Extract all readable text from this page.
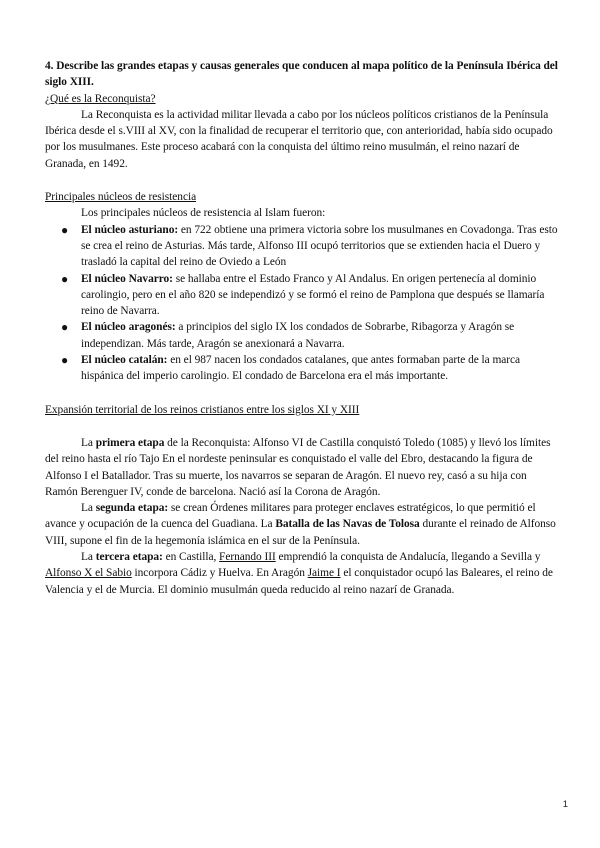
4. Describe las grandes etapas y causas generales que conducen al mapa político de la Península Ibérica del siglo XIII.

¿Qué es la Reconquista?

La Reconquista es la actividad militar llevada a cabo por los núcleos políticos cristianos de la Península Ibérica desde el s.VIII al XV, con la finalidad de recuperar el territorio que, con anterioridad, había sido ocupado por los musulmanes. Este proceso acabará con la conquista del último reino musulmán, el reino nazarí de Granada, en 1492.

Principales núcleos de resistencia

Los principales núcleos de resistencia al Islam fueron:

● El núcleo asturiano: en 722 obtiene una primera victoria sobre los musulmanes en Covadonga. Tras esto se crea el reino de Asturias. Más tarde, Alfonso III ocupó territorios que se extienden hacia el Duero y trasladó la capital del reino de Oviedo a León
● El núcleo Navarro: se hallaba entre el Estado Franco y Al Andalus. En origen pertenecía al dominio carolingio, pero en el año 820 se independizó y se formó el reino de Pamplona que después se llamaría reino de Navarra.
● El núcleo aragonés: a principios del siglo IX los condados de Sobrarbe, Ribagorza y Aragón se independizan. Más tarde, Aragón se anexionará a Navarra.
● El núcleo catalán: en el 987 nacen los condados catalanes, que antes formaban parte de la marca hispánica del imperio carolingio. El condado de Barcelona era el más importante.

Expansión territorial de los reinos cristianos entre los siglos XI y XIII

La primera etapa de la Reconquista: Alfonso VI de Castilla conquistó Toledo (1085) y llevó los límites del reino hasta el río Tajo En el nordeste peninsular es conquistado el valle del Ebro, destacando la figura de Alfonso I el Batallador. Tras su muerte, los navarros se separan de Aragón. El nuevo rey, casó a su hija con Ramón Berenguer IV, conde de barcelona. Nació así la Corona de Aragón.

La segunda etapa: se crean Órdenes militares para proteger enclaves estratégicos, lo que permitió el avance y ocupación de la cuenca del Guadiana. La Batalla de las Navas de Tolosa durante el reinado de Alfonso VIII, supone el fin de la hegemonía islámica en el sur de la Península.

La tercera etapa: en Castilla, Fernando III emprendió la conquista de Andalucía, llegando a Sevilla y Alfonso X el Sabio incorpora Cádiz y Huelva. En Aragón Jaime I el conquistador ocupó las Baleares, el reino de Valencia y el de Murcia. El dominio musulmán queda reducido al reino nazarí de Granada.

1
